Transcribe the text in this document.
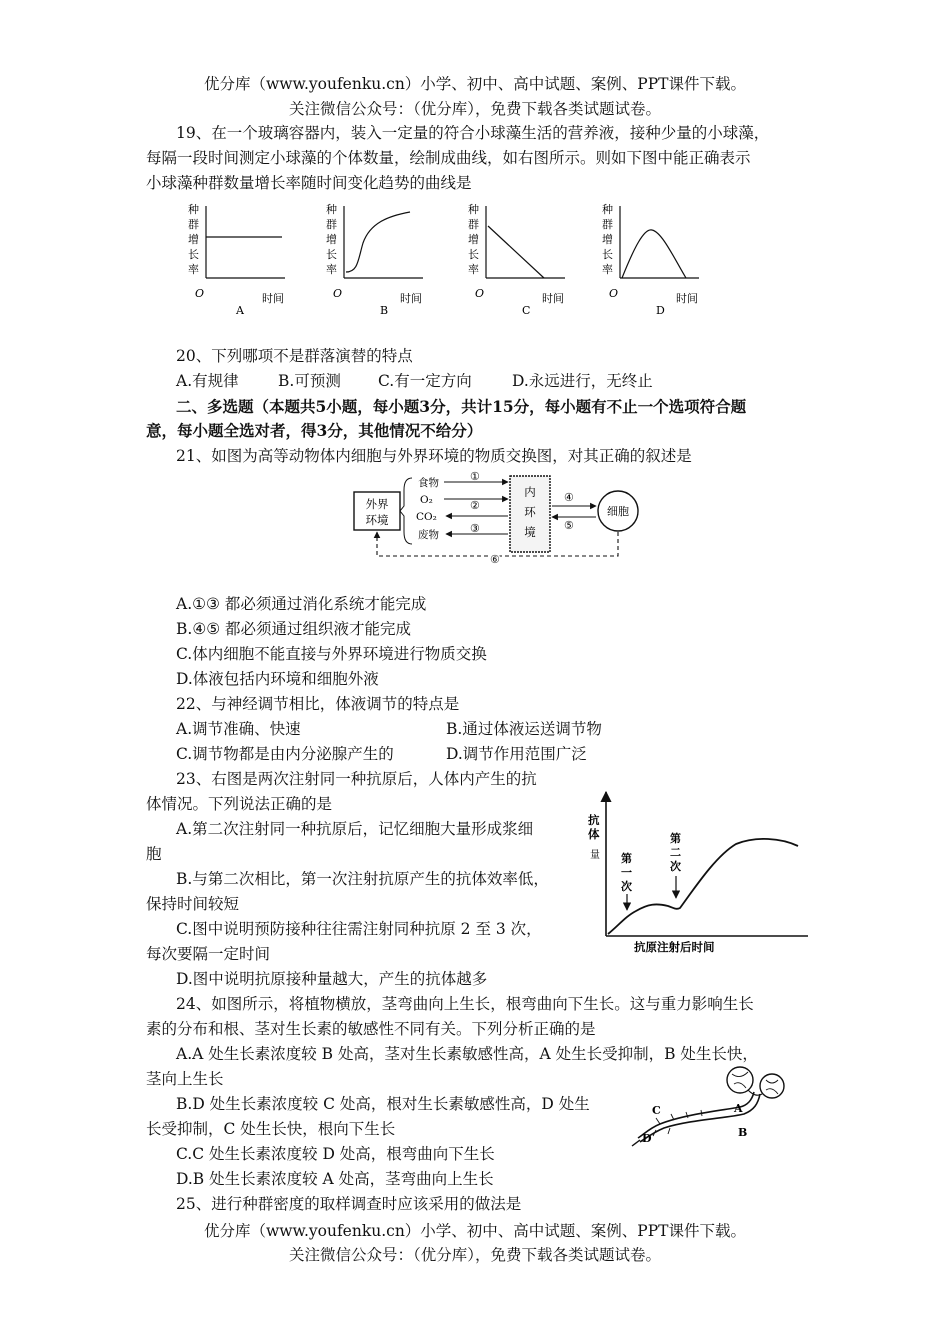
优分库（www.youfenku.cn）小学、初中、高中试题、案例、PPT课件下载。
关注微信公众号：（优分库），免费下载各类试题试卷。
19、在一个玻璃容器内，装入一定量的符合小球藻生活的营养液，接种少量的小球藻，
每隔一段时间测定小球藻的个体数量，绘制成曲线，如右图所示。则如下图中能正确表示
小球藻种群数量增长率随时间变化趋势的曲线是
种
群
增
长
率
O	时间
A
种
群
增
长
率
O	时间
B
种
群
增
长
率
O	时间
C
种
群
增
长
率
O	时间
D
20、下列哪项不是群落演替的特点
A.有规律	B.可预测 C.有一定方向	D.永远进行，无终止
二、多选题（本题共5小题，每小题3分，共计15分，每小题有不止一个选项符合题
意，每小题全选对者，得3分，其他情况不给分）
21、如图为高等动物体内细胞与外界环境的物质交换图，对其正确的叙述是
外界
环境
内
环
境
细胞
食物
O₂
CO₂
废物
①
②
③
④
⑤
⑥
A.①③ 都必须通过消化系统才能完成
B.④⑤ 都必须通过组织液才能完成
C.体内细胞不能直接与外界环境进行物质交换
D.体液包括内环境和细胞外液
22、与神经调节相比，体液调节的特点是
A.调节准确、快速	B.通过体液运送调节物
C.调节物都是由内分泌腺产生的	D.调节作用范围广泛
23、右图是两次注射同一种抗原后，人体内产生的抗
体情况。下列说法正确的是
A.第二次注射同一种抗原后，记忆细胞大量形成浆细
胞
B.与第二次相比，第一次注射抗原产生的抗体效率低，
保持时间较短
C.图中说明预防接种往往需注射同种抗原 2 至 3 次，
每次要隔一定时间
D.图中说明抗原接种量越大，产生的抗体越多
抗
体
量 第
一
次
第
二
次
抗原注射后时间
24、如图所示，将植物横放，茎弯曲向上生长，根弯曲向下生长。这与重力影响生长
素的分布和根、茎对生长素的敏感性不同有关。下列分析正确的是
A.A 处生长素浓度较 B 处高，茎对生长素敏感性高，A 处生长受抑制，B 处生长快，
茎向上生长
B.D 处生长素浓度较 C 处高，根对生长素敏感性高，D 处生
长受抑制，C 处生长快，根向下生长
C.C 处生长素浓度较 D 处高，根弯曲向下生长
D.B 处生长素浓度较 A 处高，茎弯曲向上生长
C
D
A
B
25、进行种群密度的取样调查时应该采用的做法是
优分库（www.youfenku.cn）小学、初中、高中试题、案例、PPT课件下载。
关注微信公众号：（优分库），免费下载各类试题试卷。
